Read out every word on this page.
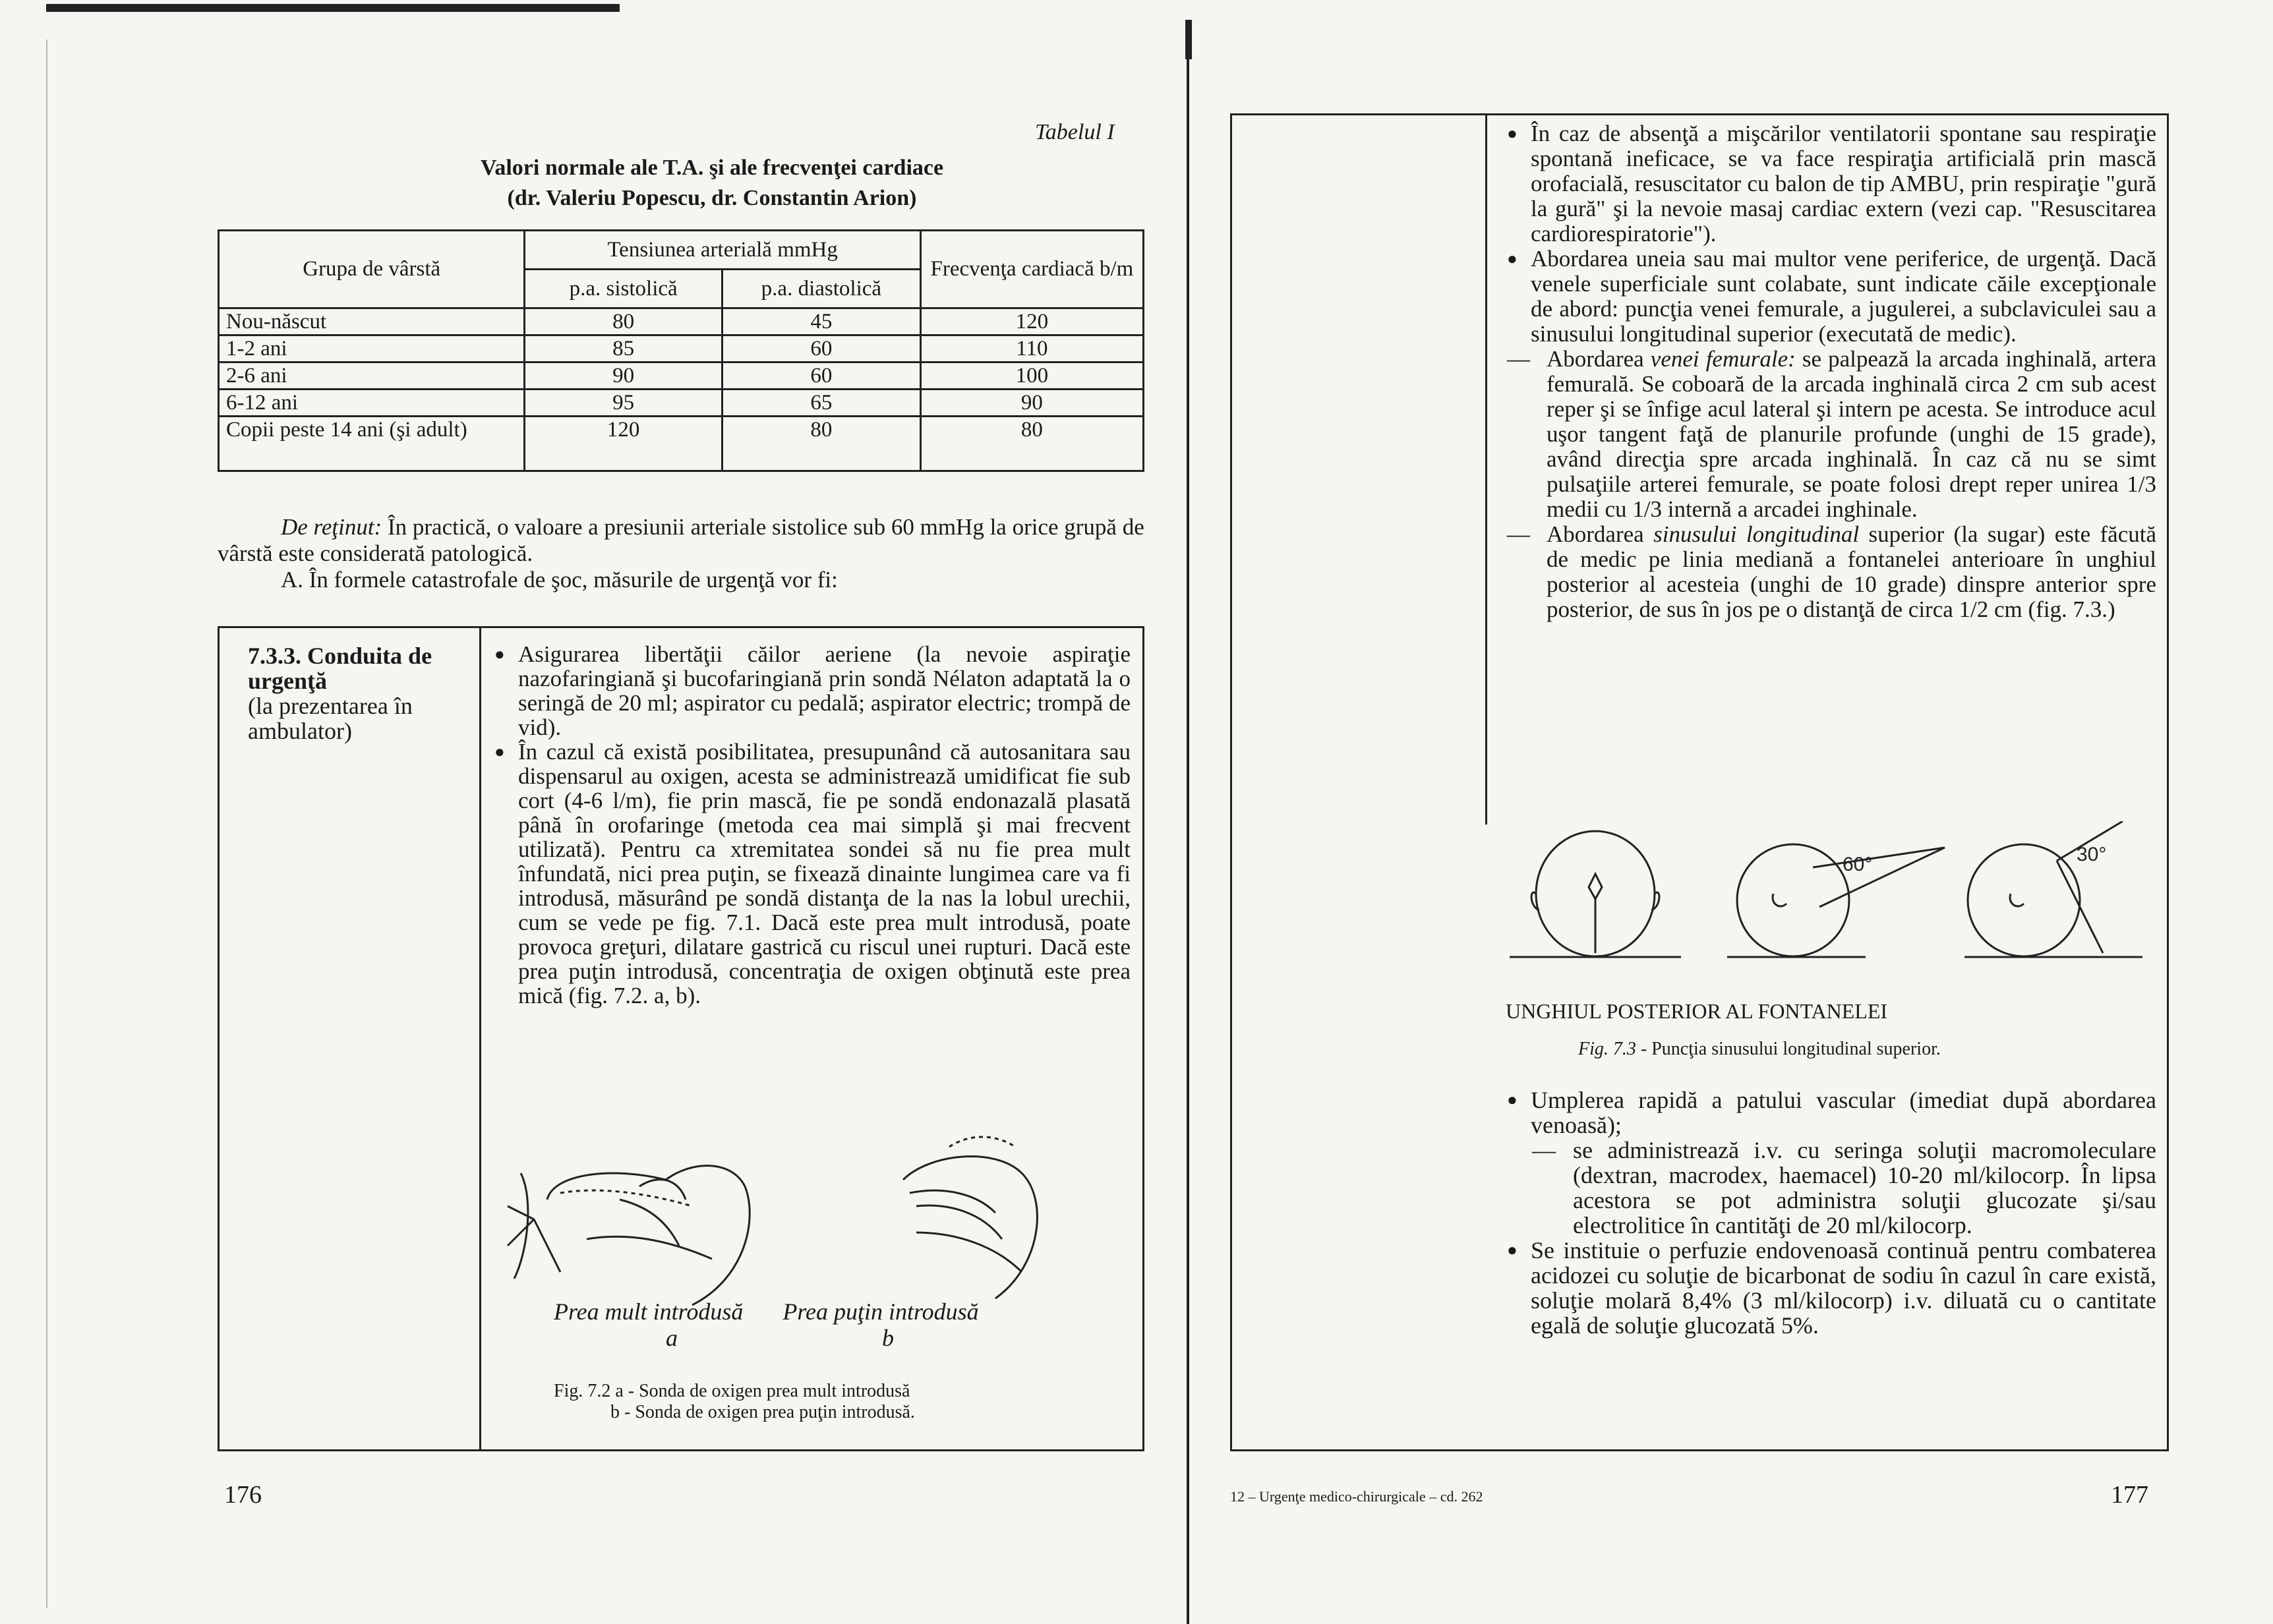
Tabelul I
Valori normale ale T.A. şi ale frecvenţei cardiace
(dr. Valeriu Popescu, dr. Constantin Arion)
Grupa de vârstă	Tensiunea arterială mmHg		Frecvenţa cardiacă b/m
	p.a. sistolică	p.a. diastolică	
Nou-născut	80	45	120
1-2 ani	85	60	110
2-6 ani	90	60	100
6-12 ani	95	65	90
Copii peste 14 ani (şi adult)	120	80	80
De reţinut: În practică, o valoare a presiunii arteriale sistolice sub 60 mmHg la orice grupă de vârstă este considerată patologică.
A. În formele catastrofale de şoc, măsurile de urgenţă vor fi:
7.3.3. Conduita de urgenţă
(la prezentarea în ambulator)
● Asigurarea libertăţii căilor aeriene (la nevoie aspiraţie nazofaringiană şi bucofaringiană prin sondă Nélaton adaptată la o seringă de 20 ml; aspirator cu pedală; aspirator electric; trompă de vid).
● În cazul că există posibilitatea, presupunând că autosanitara sau dispensarul au oxigen, acesta se administrează umidificat fie sub cort (4-6 l/m), fie prin mască, fie pe sondă endonazală plasată până în orofaringe (metoda cea mai simplă şi mai frecvent utilizată). Pentru ca xtremitatea sondei să nu fie prea mult înfundată, nici prea puţin, se fixează dinainte lungimea care va fi introdusă, măsurând pe sondă distanţa de la nas la lobul urechii, cum se vede pe fig. 7.1. Dacă este prea mult introdusă, poate provoca greţuri, dilatare gastrică cu riscul unei rupturi. Dacă este prea puţin introdusă, concentraţia de oxigen obţinută este prea mică (fig. 7.2. a, b).
Prea mult introdusă Prea puţin introdusă
a	b
Fig. 7.2 a - Sonda de oxigen prea mult introdusă
b - Sonda de oxigen prea puţin introdusă.
176
● În caz de absenţă a mişcărilor ventilatorii spontane sau respiraţie spontană ineficace, se va face respiraţia artificială prin mască orofacială, resuscitator cu balon de tip AMBU, prin respiraţie "gură la gură" şi la nevoie masaj cardiac extern (vezi cap. "Resuscitarea cardiorespiratorie").
● Abordarea uneia sau mai multor vene periferice, de urgenţă. Dacă venele superficiale sunt colabate, sunt indicate căile excepţionale de abord: puncţia venei femurale, a jugulerei, a subclaviculei sau a sinusului longitudinal superior (executată de medic).
— Abordarea venei femurale: se palpează la arcada inghinală, artera femurală. Se coboară de la arcada inghinală circa 2 cm sub acest reper şi se înfige acul lateral şi intern pe acesta. Se introduce acul uşor tangent faţă de planurile profunde (unghi de 15 grade), având direcţia spre arcada inghinală. În caz că nu se simt pulsaţiile arterei femurale, se poate folosi drept reper unirea 1/3 medii cu 1/3 internă a arcadei inghinale.
— Abordarea sinusului longitudinal superior (la sugar) este făcută de medic pe linia mediană a fontanelei anterioare în unghiul posterior al acesteia (unghi de 10 grade) dinspre anterior spre posterior, de sus în jos pe o distanţă de circa 1/2 cm (fig. 7.3.)
60°	30°
UNGHIUL POSTERIOR AL FONTANELEI
Fig. 7.3 - Puncţia sinusului longitudinal superior.
● Umplerea rapidă a patului vascular (imediat după abordarea venoasă);
— se administrează i.v. cu seringa soluţii macromoleculare (dextran, macrodex, haemacel) 10-20 ml/kilocorp. În lipsa acestora se pot administra soluţii glucozate şi/sau electrolitice în cantităţi de 20 ml/kilocorp.
● Se instituie o perfuzie endovenoasă continuă pentru combaterea acidozei cu soluţie de bicarbonat de sodiu în cazul în care există, soluţie molară 8,4% (3 ml/kilocorp) i.v. diluată cu o cantitate egală de soluţie glucozată 5%.
12 – Urgenţe medico-chirurgicale – cd. 262	177
